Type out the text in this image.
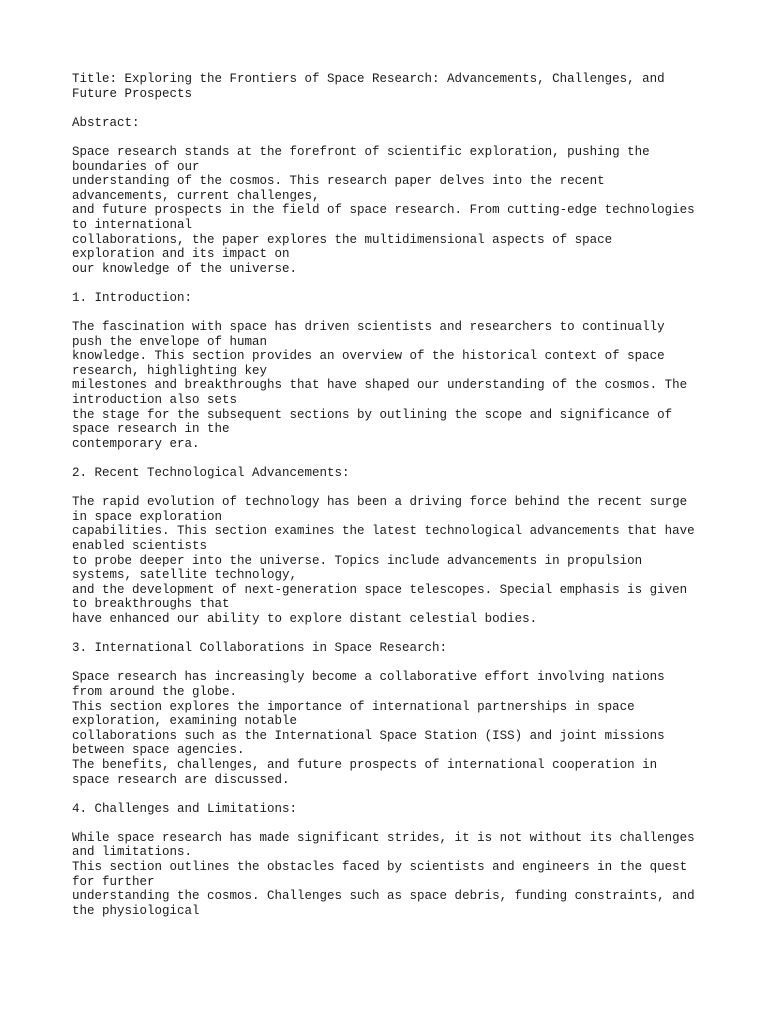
Title: Exploring the Frontiers of Space Research: Advancements, Challenges, and
Future Prospects
Abstract:
Space research stands at the forefront of scientific exploration, pushing the
boundaries of our
understanding of the cosmos. This research paper delves into the recent
advancements, current challenges,
and future prospects in the field of space research. From cutting-edge technologies
to international
collaborations, the paper explores the multidimensional aspects of space
exploration and its impact on
our knowledge of the universe.
1. Introduction:
The fascination with space has driven scientists and researchers to continually
push the envelope of human
knowledge. This section provides an overview of the historical context of space
research, highlighting key
milestones and breakthroughs that have shaped our understanding of the cosmos. The
introduction also sets
the stage for the subsequent sections by outlining the scope and significance of
space research in the
contemporary era.
2. Recent Technological Advancements:
The rapid evolution of technology has been a driving force behind the recent surge
in space exploration
capabilities. This section examines the latest technological advancements that have
enabled scientists
to probe deeper into the universe. Topics include advancements in propulsion
systems, satellite technology,
and the development of next-generation space telescopes. Special emphasis is given
to breakthroughs that
have enhanced our ability to explore distant celestial bodies.
3. International Collaborations in Space Research:
Space research has increasingly become a collaborative effort involving nations
from around the globe.
This section explores the importance of international partnerships in space
exploration, examining notable
collaborations such as the International Space Station (ISS) and joint missions
between space agencies.
The benefits, challenges, and future prospects of international cooperation in
space research are discussed.
4. Challenges and Limitations:
While space research has made significant strides, it is not without its challenges
and limitations.
This section outlines the obstacles faced by scientists and engineers in the quest
for further
understanding the cosmos. Challenges such as space debris, funding constraints, and
the physiological
